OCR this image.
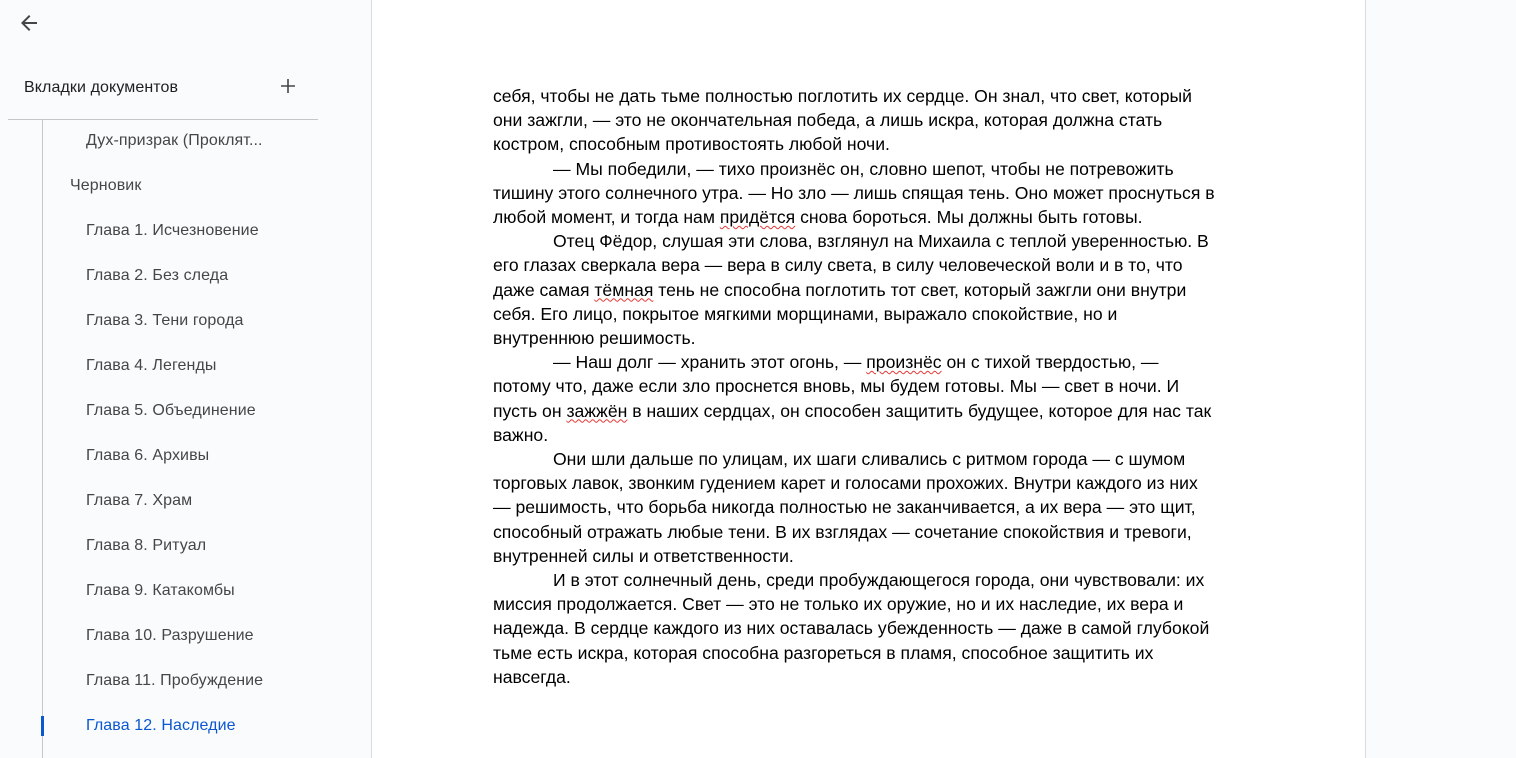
Вкладки документов
Дух-призрак (Проклят...
Черновик
Глава 1. Исчезновение
Глава 2. Без следа
Глава 3. Тени города
Глава 4. Легенды
Глава 5. Объединение
Глава 6. Архивы
Глава 7. Храм
Глава 8. Ритуал
Глава 9. Катакомбы
Глава 10. Разрушение
Глава 11. Пробуждение
Глава 12. Наследие

себя, чтобы не дать тьме полностью поглотить их сердце. Он знал, что свет, который
они зажгли, — это не окончательная победа, а лишь искра, которая должна стать
костром, способным противостоять любой ночи.

— Мы победили, — тихо произнёс он, словно шепот, чтобы не потревожить
тишину этого солнечного утра. — Но зло — лишь спящая тень. Оно может проснуться в
любой момент, и тогда нам придётся снова бороться. Мы должны быть готовы.

Отец Фёдор, слушая эти слова, взглянул на Михаила с теплой уверенностью. В
его глазах сверкала вера — вера в силу света, в силу человеческой воли и в то, что
даже самая тёмная тень не способна поглотить тот свет, который зажгли они внутри
себя. Его лицо, покрытое мягкими морщинами, выражало спокойствие, но и
внутреннюю решимость.

— Наш долг — хранить этот огонь, — произнёс он с тихой твердостью, —
потому что, даже если зло проснется вновь, мы будем готовы. Мы — свет в ночи. И
пусть он зажжён в наших сердцах, он способен защитить будущее, которое для нас так
важно.

Они шли дальше по улицам, их шаги сливались с ритмом города — с шумом
торговых лавок, звонким гудением карет и голосами прохожих. Внутри каждого из них
— решимость, что борьба никогда полностью не заканчивается, а их вера — это щит,
способный отражать любые тени. В их взглядах — сочетание спокойствия и тревоги,
внутренней силы и ответственности.

И в этот солнечный день, среди пробуждающегося города, они чувствовали: их
миссия продолжается. Свет — это не только их оружие, но и их наследие, их вера и
надежда. В сердце каждого из них оставалась убежденность — даже в самой глубокой
тьме есть искра, которая способна разгореться в пламя, способное защитить их
навсегда.
